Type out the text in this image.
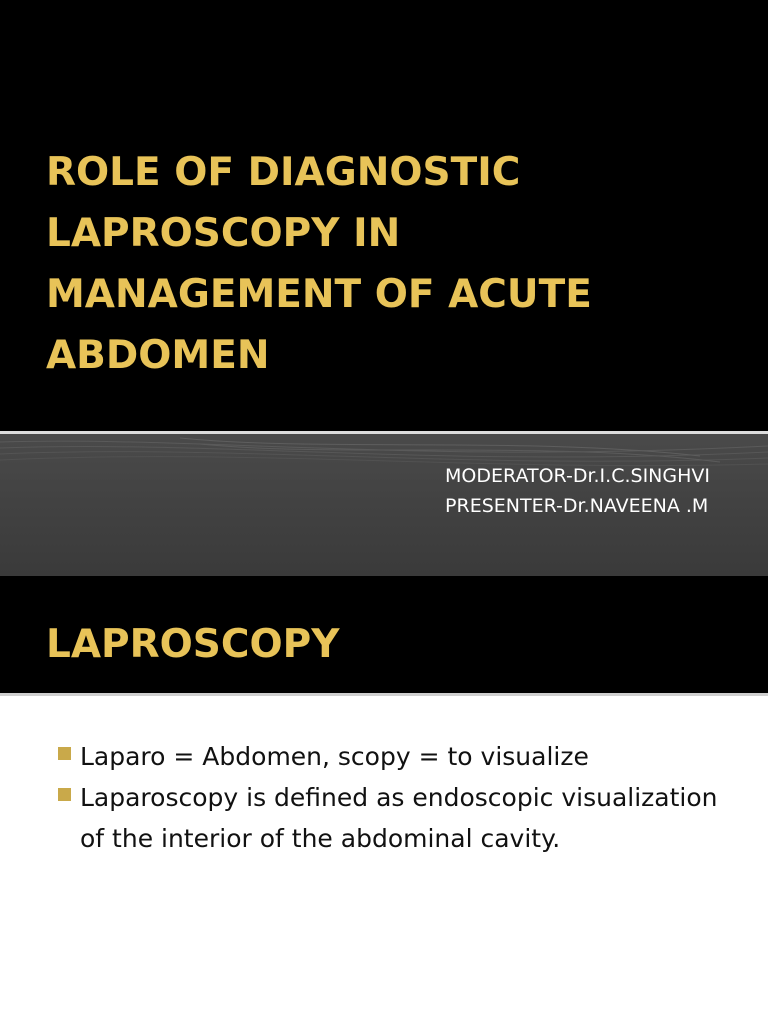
ROLE OF DIAGNOSTIC
LAPROSCOPY IN
MANAGEMENT OF ACUTE
ABDOMEN
MODERATOR-Dr.I.C.SINGHVI
PRESENTER-Dr.NAVEENA .M
LAPROSCOPY
Laparo = Abdomen, scopy = to visualize
Laparoscopy is defined as endoscopic visualization of the interior of the abdominal cavity.
